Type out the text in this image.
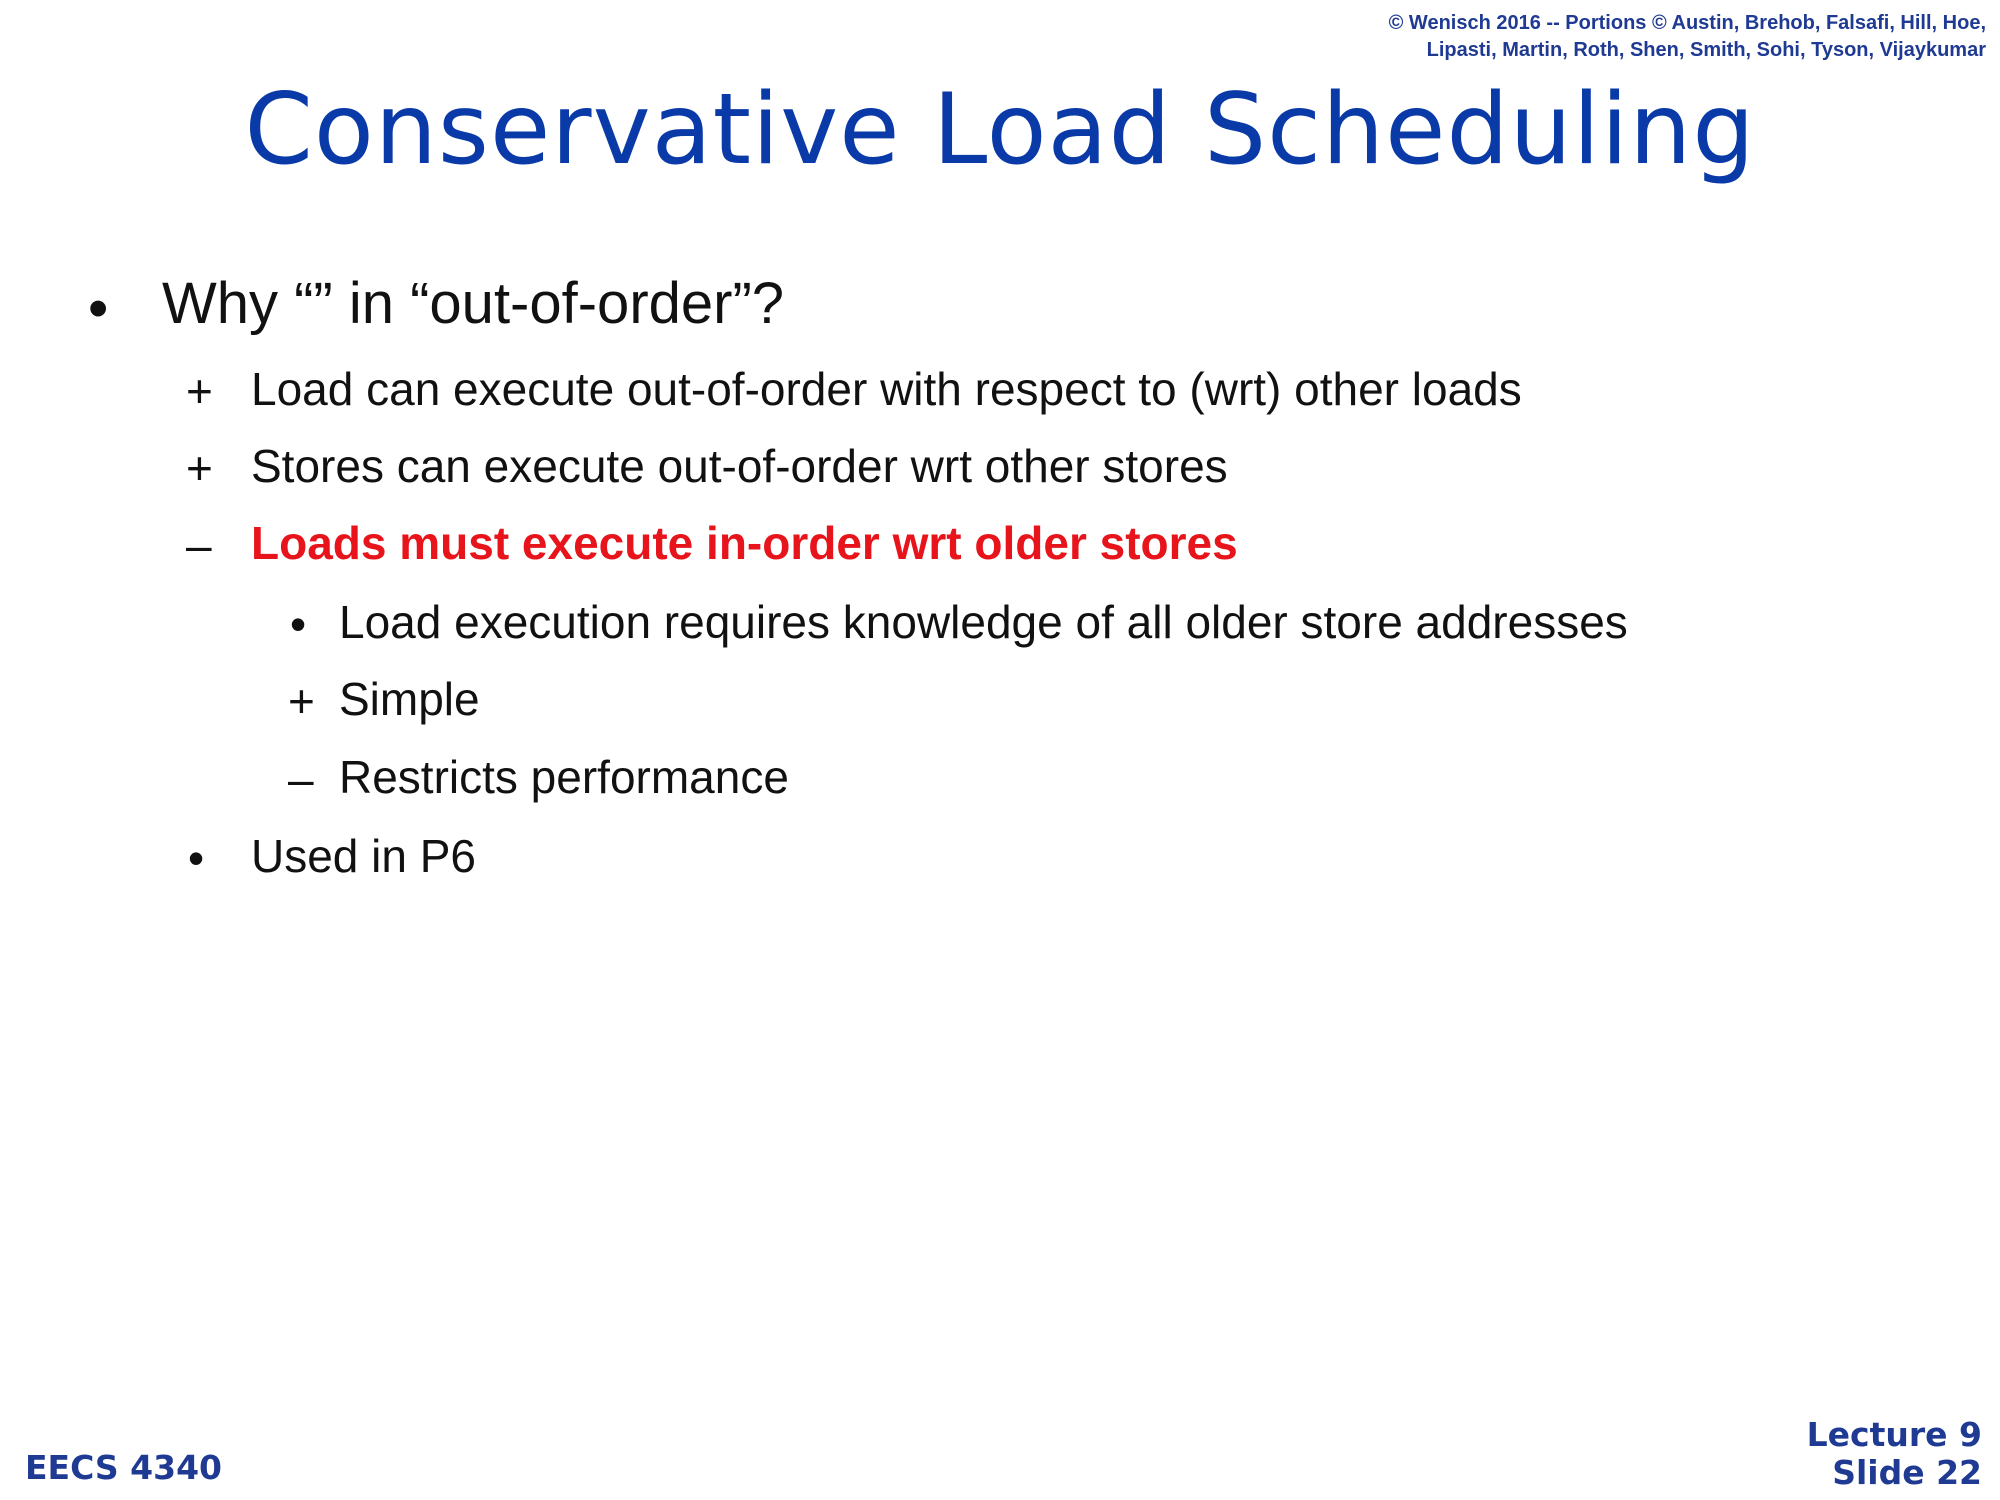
© Wenisch 2016 -- Portions © Austin, Brehob, Falsafi, Hill, Hoe,
Lipasti, Martin, Roth, Shen, Smith, Sohi, Tyson, Vijaykumar
Conservative Load Scheduling
• Why “” in “out-of-order”?
+ Load can execute out-of-order with respect to (wrt) other loads
+ Stores can execute out-of-order wrt other stores
– Loads must execute in-order wrt older stores
• Load execution requires knowledge of all older store addresses
+ Simple
– Restricts performance
• Used in P6
EECS 4340
Lecture 9
Slide 22
